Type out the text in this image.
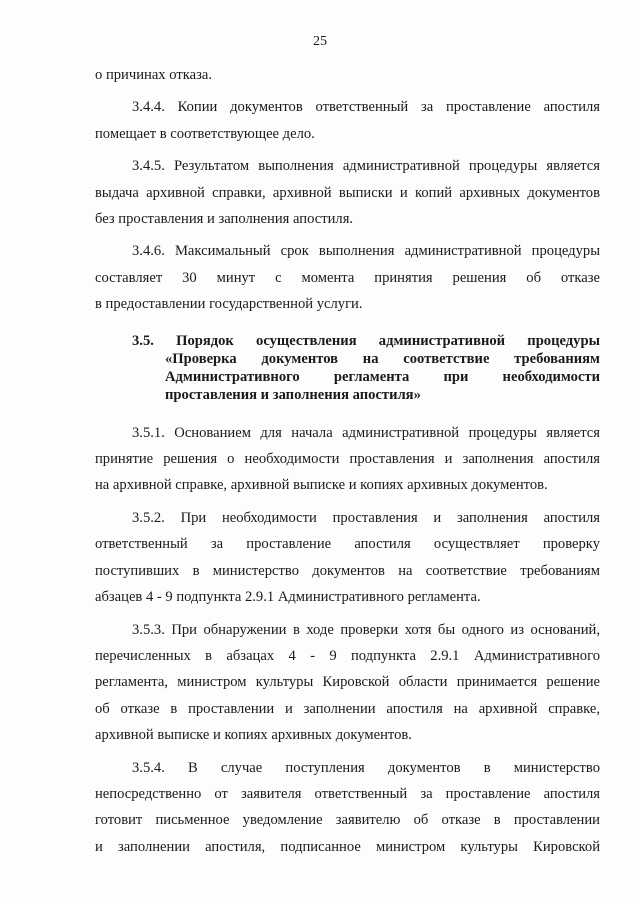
25
о причинах отказа.
3.4.4. Копии документов ответственный за проставление апостиля
помещает в соответствующее дело.
3.4.5. Результатом выполнения административной процедуры является
выдача архивной справки, архивной выписки и копий архивных документов
без проставления и заполнения апостиля.
3.4.6. Максимальный срок выполнения административной процедуры
составляет 30 минут с момента принятия решения об отказе
в предоставлении государственной услуги.
3.5. Порядок осуществления административной процедуры
«Проверка документов на соответствие требованиям
Административного регламента при необходимости
проставления и заполнения апостиля»
3.5.1. Основанием для начала административной процедуры является
принятие решения о необходимости проставления и заполнения апостиля
на архивной справке, архивной выписке и копиях архивных документов.
3.5.2. При необходимости проставления и заполнения апостиля
ответственный за проставление апостиля осуществляет проверку
поступивших в министерство документов на соответствие требованиям
абзацев 4 - 9 подпункта 2.9.1 Административного регламента.
3.5.3. При обнаружении в ходе проверки хотя бы одного из оснований,
перечисленных в абзацах 4 - 9 подпункта 2.9.1 Административного
регламента, министром культуры Кировской области принимается решение
об отказе в проставлении и заполнении апостиля на архивной справке,
архивной выписке и копиях архивных документов.
3.5.4. В случае поступления документов в министерство
непосредственно от заявителя ответственный за проставление апостиля
готовит письменное уведомление заявителю об отказе в проставлении
и заполнении апостиля, подписанное министром культуры Кировской
